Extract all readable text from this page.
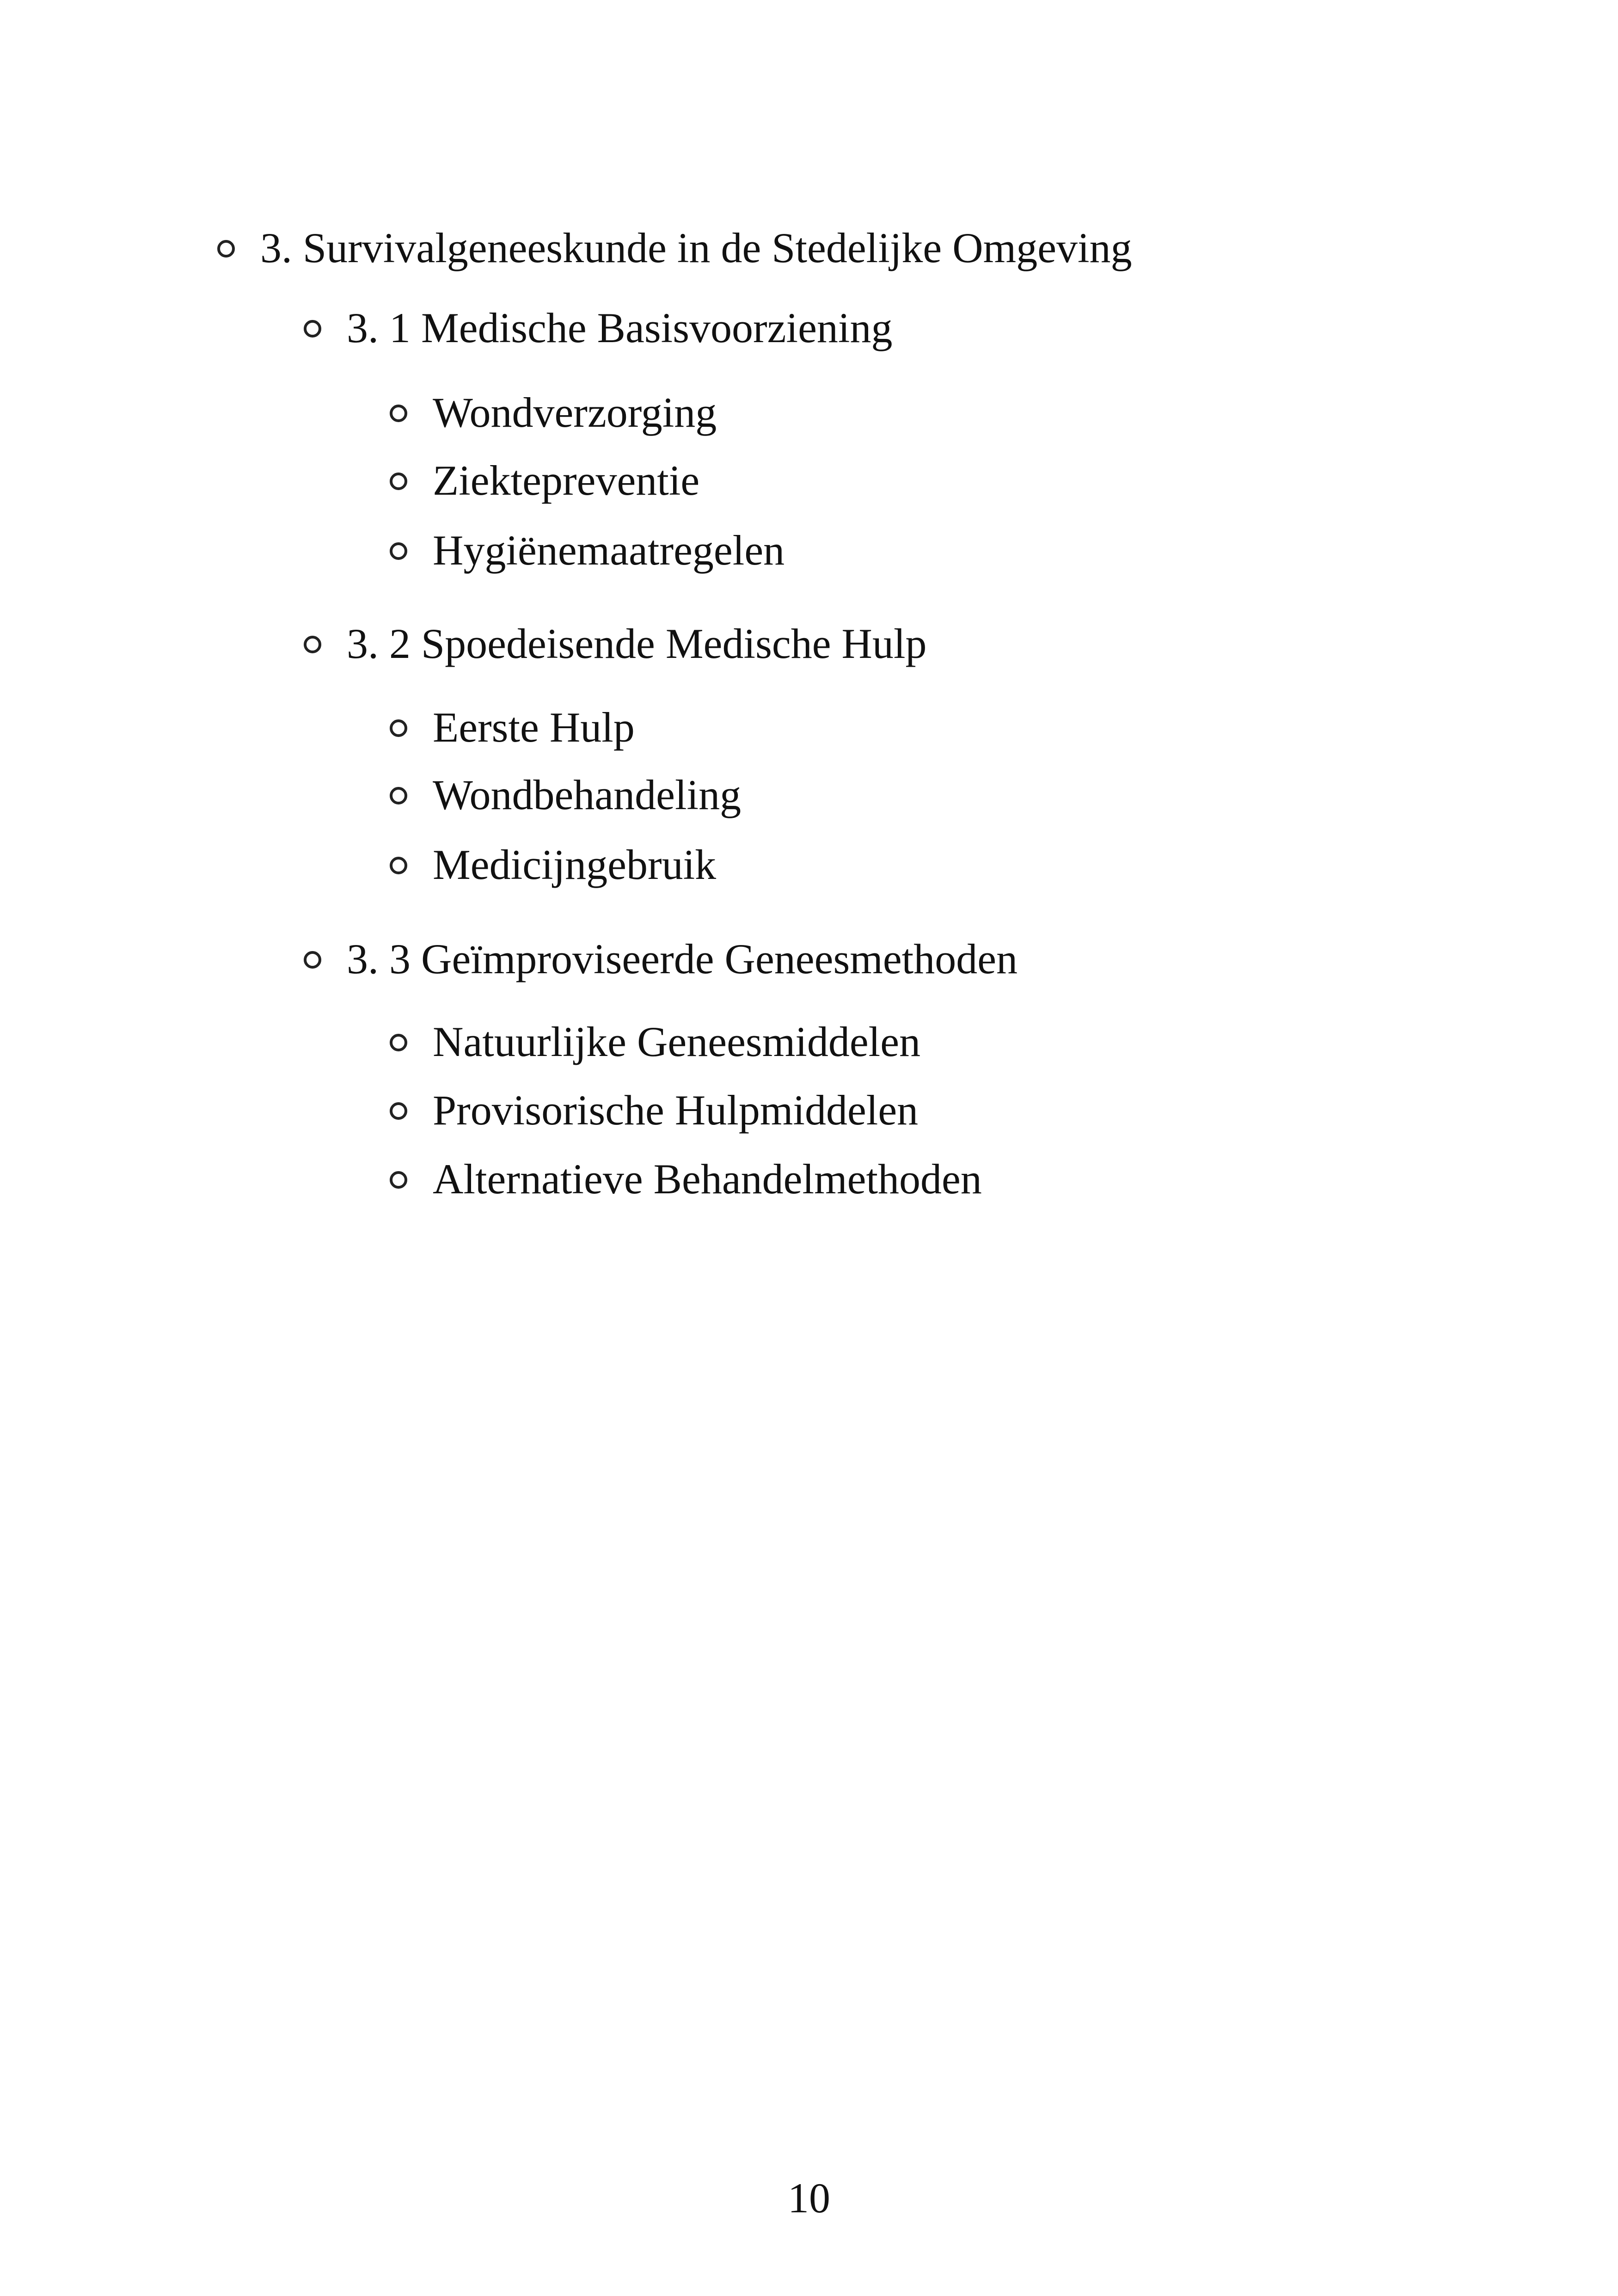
3. Survivalgeneeskunde in de Stedelijke Omgeving
3. 1 Medische Basisvoorziening
Wondverzorging
Ziektepreventie
Hygiënemaatregelen
3. 2 Spoedeisende Medische Hulp
Eerste Hulp
Wondbehandeling
Medicijngebruik
3. 3 Geïmproviseerde Geneesmethoden
Natuurlijke Geneesmiddelen
Provisorische Hulpmiddelen
Alternatieve Behandelmethoden
10
